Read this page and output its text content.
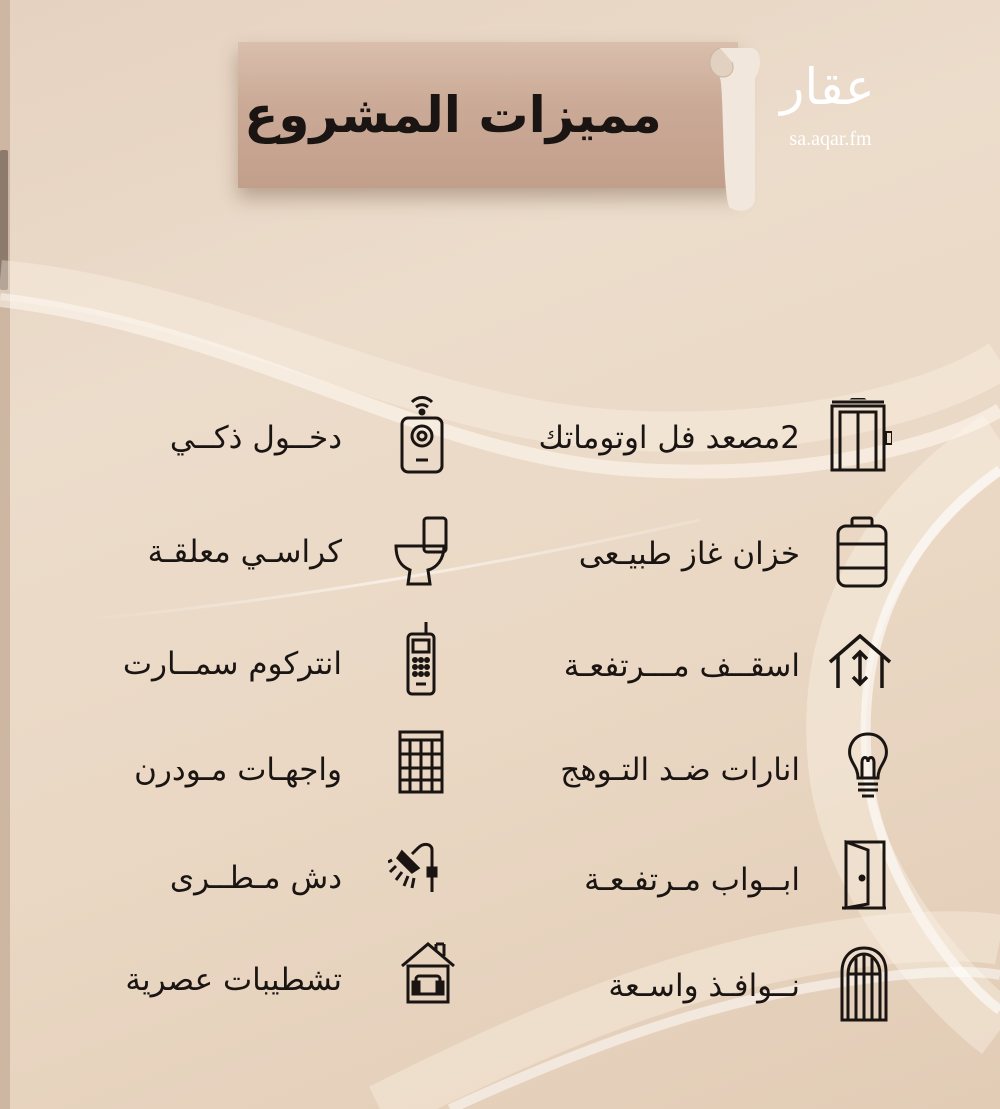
مميزات المشروع	عقار
sa.aqar.fm
2مصعد فل اوتوماتك
خزان غاز طبيـعى
اسقــف مـــرتفعـة
انارات ضـد التـوهج
ابــواب مـرتفـعـة
نــوافـذ واسـعة
دخــول ذكــي
كراسـي معلقـة
انتركوم سمــارت
واجهـات مـودرن
دش مـطــرى
تشطيبات عصرية
